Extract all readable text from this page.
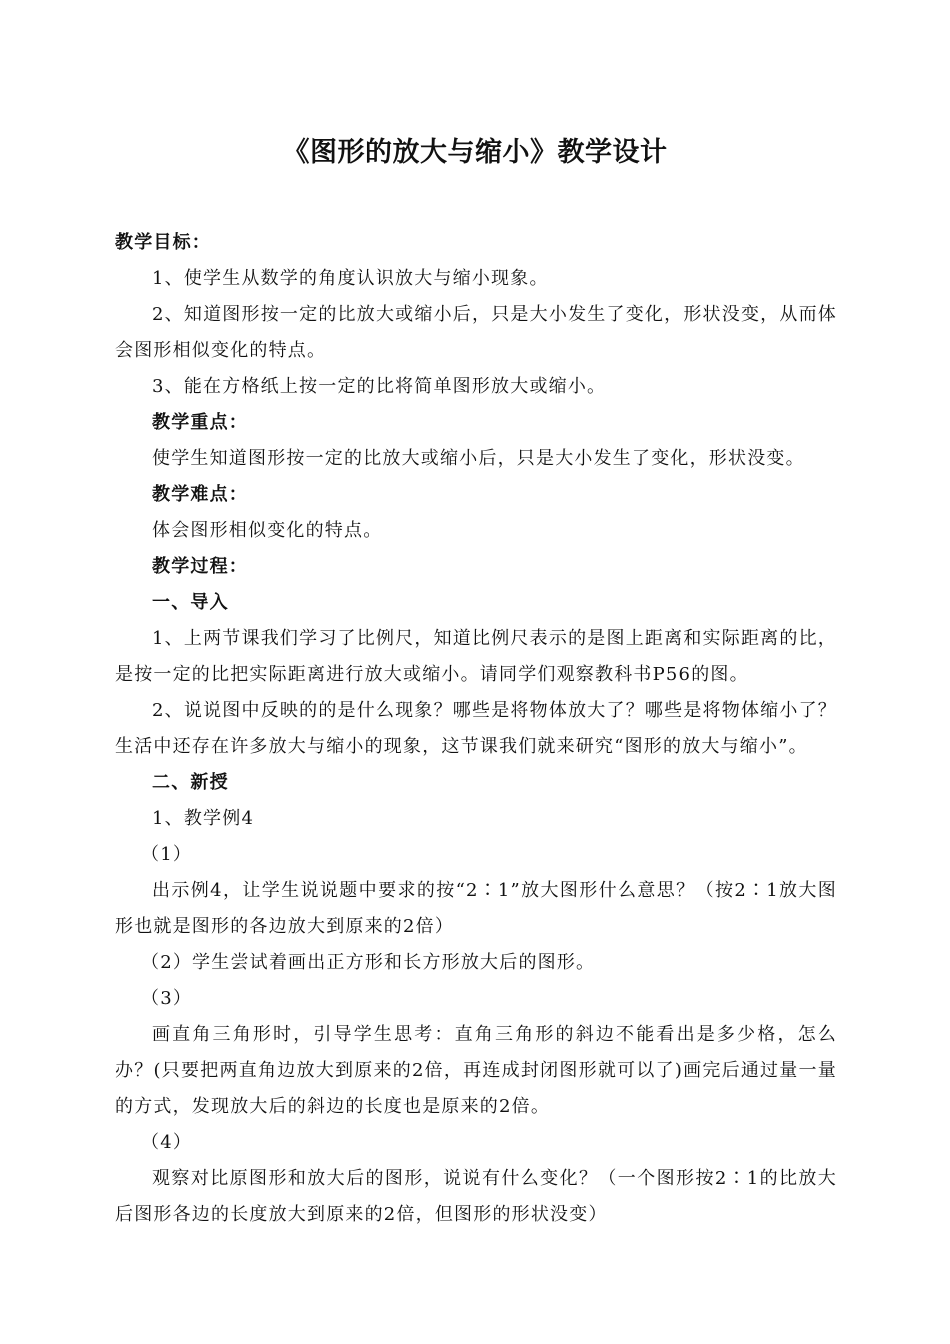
《图形的放大与缩小》教学设计

教学目标：

1、使学生从数学的角度认识放大与缩小现象。

2、知道图形按一定的比放大或缩小后，只是大小发生了变化，形状没变，从而体会图形相似变化的特点。

3、能在方格纸上按一定的比将简单图形放大或缩小。

教学重点：

使学生知道图形按一定的比放大或缩小后，只是大小发生了变化，形状没变。

教学难点：

体会图形相似变化的特点。

教学过程：

一、导入

1、上两节课我们学习了比例尺，知道比例尺表示的是图上距离和实际距离的比，是按一定的比把实际距离进行放大或缩小。请同学们观察教科书P56的图。

2、说说图中反映的的是什么现象？哪些是将物体放大了？哪些是将物体缩小了？生活中还存在许多放大与缩小的现象，这节课我们就来研究“图形的放大与缩小”。

二、新授

1、教学例4

（1）

出示例4，让学生说说题中要求的按“2∶1”放大图形什么意思？（按2∶1放大图形也就是图形的各边放大到原来的2倍）

（2）学生尝试着画出正方形和长方形放大后的图形。

（3）

画直角三角形时，引导学生思考：直角三角形的斜边不能看出是多少格，怎么办？(只要把两直角边放大到原来的2倍，再连成封闭图形就可以了)画完后通过量一量的方式，发现放大后的斜边的长度也是原来的2倍。

（4）

观察对比原图形和放大后的图形，说说有什么变化？（一个图形按2∶1的比放大后图形各边的长度放大到原来的2倍，但图形的形状没变）
